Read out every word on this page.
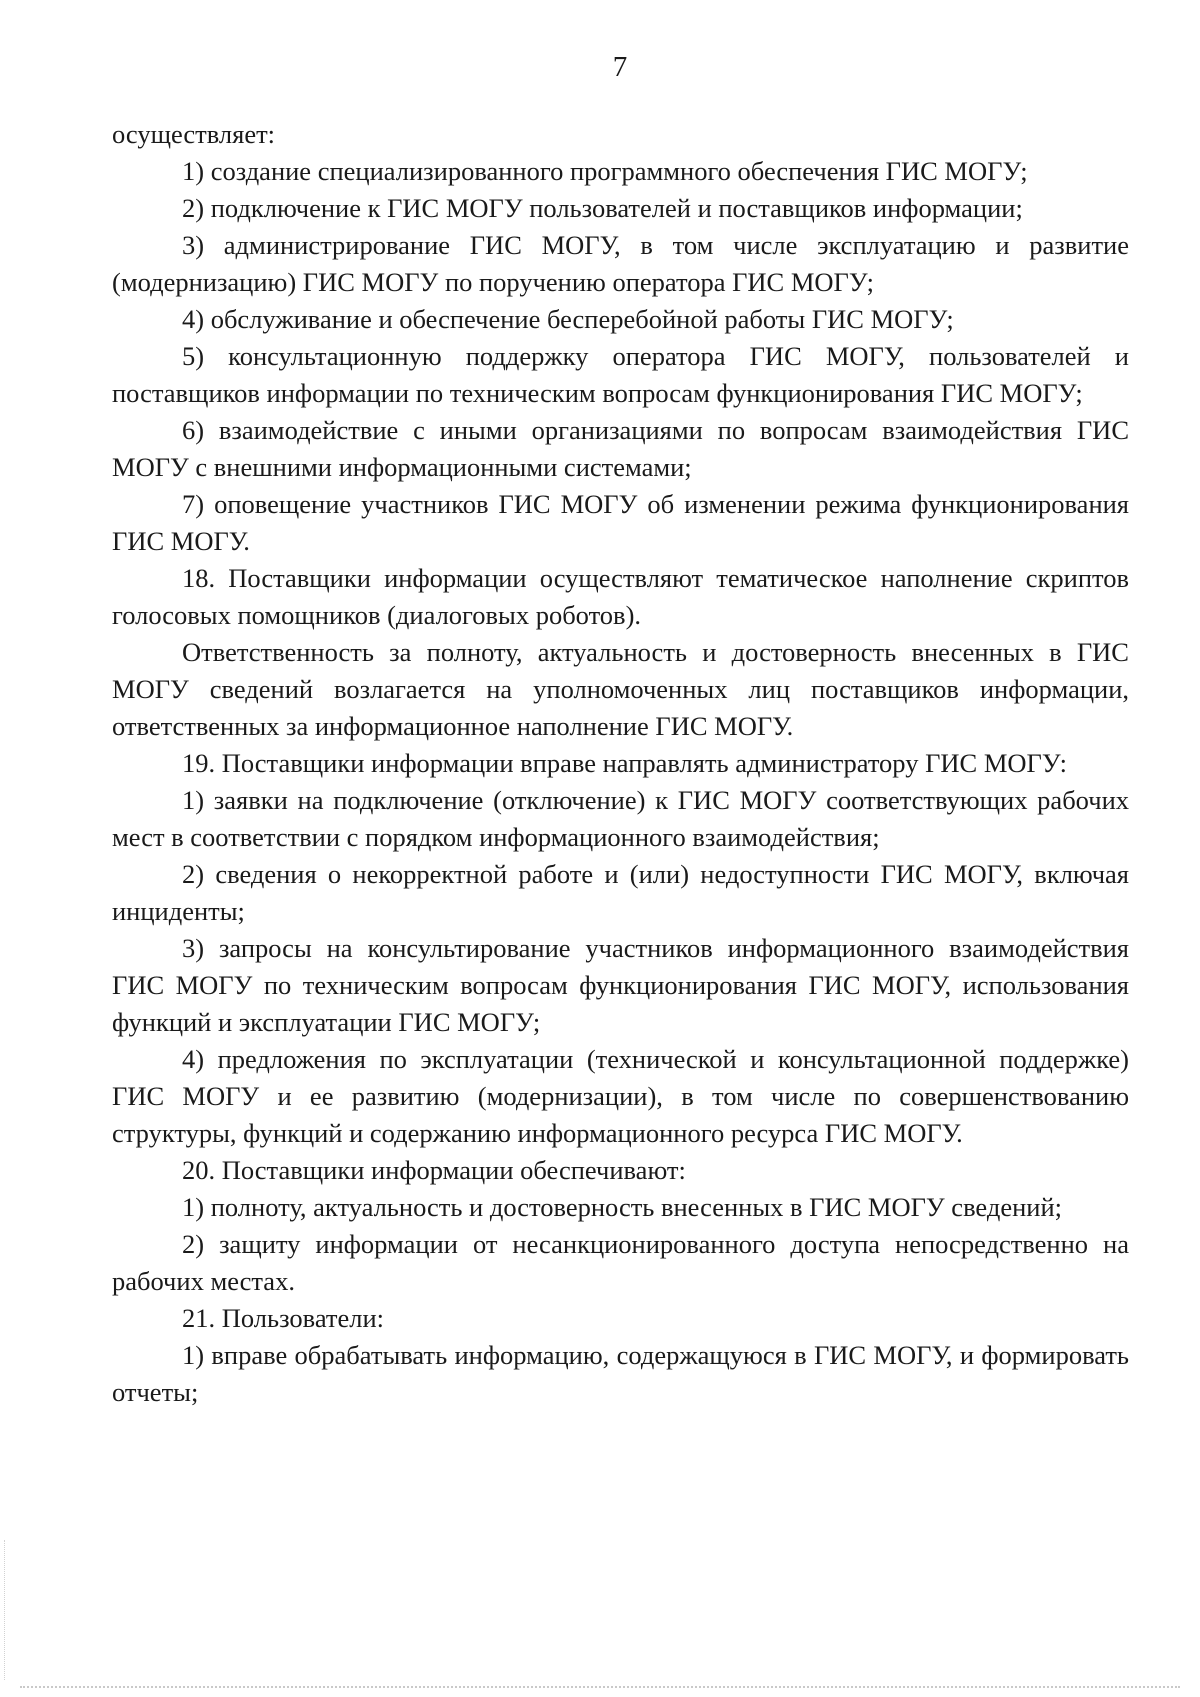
7

осуществляет:

1) создание специализированного программного обеспечения ГИС МОГУ;

2) подключение к ГИС МОГУ пользователей и поставщиков информации;

3) администрирование ГИС МОГУ, в том числе эксплуатацию и развитие (модернизацию) ГИС МОГУ по поручению оператора ГИС МОГУ;

4) обслуживание и обеспечение бесперебойной работы ГИС МОГУ;

5) консультационную поддержку оператора ГИС МОГУ, пользователей и поставщиков информации по техническим вопросам функционирования ГИС МОГУ;

6) взаимодействие с иными организациями по вопросам взаимодействия ГИС МОГУ с внешними информационными системами;

7) оповещение участников ГИС МОГУ об изменении режима функционирования ГИС МОГУ.

18. Поставщики информации осуществляют тематическое наполнение скриптов голосовых помощников (диалоговых роботов).

Ответственность за полноту, актуальность и достоверность внесенных в ГИС МОГУ сведений возлагается на уполномоченных лиц поставщиков информации, ответственных за информационное наполнение ГИС МОГУ.

19. Поставщики информации вправе направлять администратору ГИС МОГУ:

1) заявки на подключение (отключение) к ГИС МОГУ соответствующих рабочих мест в соответствии с порядком информационного взаимодействия;

2) сведения о некорректной работе и (или) недоступности ГИС МОГУ, включая инциденты;

3) запросы на консультирование участников информационного взаимодействия ГИС МОГУ по техническим вопросам функционирования ГИС МОГУ, использования функций и эксплуатации ГИС МОГУ;

4) предложения по эксплуатации (технической и консультационной поддержке) ГИС МОГУ и ее развитию (модернизации), в том числе по совершенствованию структуры, функций и содержанию информационного ресурса ГИС МОГУ.

20. Поставщики информации обеспечивают:

1) полноту, актуальность и достоверность внесенных в ГИС МОГУ сведений;

2) защиту информации от несанкционированного доступа непосредственно на рабочих местах.

21. Пользователи:

1) вправе обрабатывать информацию, содержащуюся в ГИС МОГУ, и формировать отчеты;
